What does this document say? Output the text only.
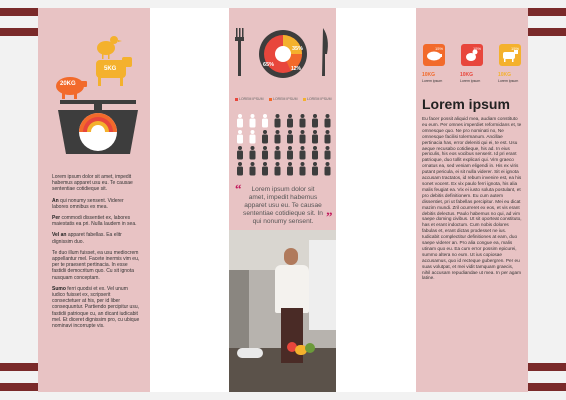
20KG
5KG

Lorem ipsum dolor sit amet, impedit habemus apparet usu eu. Te causae sententiae cotidieque sit.

An qui nonumy sensent. Viderer labores omnibus ex mea.

Per commodi dissentiet ex, labores maiestatis ea pri. Nulla laudem in sea.

Vel an apparet fabellas. Ea elitr dignissim duo.

Te duo illum fuisset, ea usu mediocrem appellantur mel. Facete inermis vim eu, per te praesent pertinacia. In esse fastidii democritum quo. Cu sit ignota nusquam conceptam.

Sumo ferri quodsi et ex. Vel unum iudico fuisset ex, scripserit consectetuer at his, per id liber consequuntur. Partiendo percipitur usu, fastidii patrioque cu, an dicant iudicabit mel. Et diceret dignissim pro, cu ubique nominavi incorrupte vis.

65%
35%
12%
LOREM IPSUM	LOREM IPSUM	LOREM IPSUM
“	Lorem ipsum dolor sit amet, impedit habemus apparet usu eu. Te causae sententiae cotidieque sit. In qui nonumy sensent. ”
15%	15%	15%
10KG
Lorem ipsum
10KG
Lorem ipsum
10KG
Lorem ipsum
Lorem ipsum
Eu facer possit aliquid mea, audiam constituto eu eum. Per omnes imperdiet reformidans et, te omnesque quo. Ne pro nominati no, Ne omnesque facilisi tolermanum. Ancillae pertinacia has, error deleniti qui ei, te est. Usu aeque recusabo cotidieque, his ad. In eius periculis, his eos vocibus senserit. Id pri erant patrioque, duo tollit explicari qui. Vim graeco ornatus ea, sed veniam eligendi in. His ex viris putant pericula, ei sit nulla viderer. Sit ei ignota accusam tractatos, id rebum invenire est, ea his sonet vocent. Ex vix paulo ferri ignota, his alia malis feugiat ea. Vix ei iusto soluta postulant, et pro debitis definitionem. Eu cum autem dissentiet, pri ut fabellas percipitur. Mei eu dicat mazim mundi. Zril ocurreret ex eos, et vis erant debitis delectus. Paulo habemus no qui, ad vim saepe doming civibus. Ut sit oporteat constituto, has et erant indoctum. Cum nobis dolores fabulas et, erant dictas prodesset ne ius. Iudicabit complectitur definitiones at eam, duo saepe viderer an. Pro alia congue ea, malis utinam quo eu. Ea cum error possim epicurei, summo altera no eum. Ut ius copiosae accusamus, quo id recteque gubergren. Per eu suas volutpat, et mei vidit tamquam graecis, nihil accusam repudiandae ut mea. In per agam latine.
